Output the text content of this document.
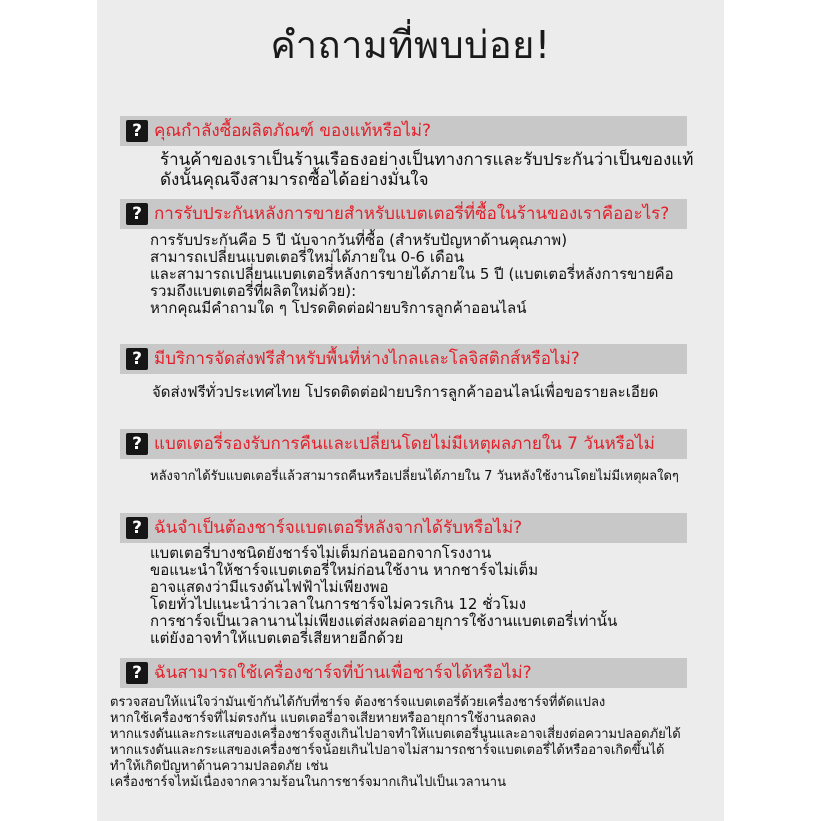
คำถามที่พบบ่อย!
? คุณกำลังซื้อผลิตภัณฑ์ ของแท้หรือไม่?
ร้านค้าของเราเป็นร้านเรือธงอย่างเป็นทางการและรับประกันว่าเป็นของแท้
ดังนั้นคุณจึงสามารถซื้อได้อย่างมั่นใจ
? การรับประกันหลังการขายสำหรับแบตเตอรี่ที่ซื้อในร้านของเราคืออะไร?
การรับประกันคือ 5 ปี นับจากวันที่ซื้อ (สำหรับปัญหาด้านคุณภาพ)
สามารถเปลี่ยนแบตเตอรี่ใหม่ได้ภายใน 0-6 เดือน
และสามารถเปลี่ยนแบตเตอรี่หลังการขายได้ภายใน 5 ปี (แบตเตอรี่หลังการขายคือ
รวมถึงแบตเตอรี่ที่ผลิตใหม่ด้วย):
หากคุณมีคำถามใด ๆ โปรดติดต่อฝ่ายบริการลูกค้าออนไลน์
? มีบริการจัดส่งฟรีสำหรับพื้นที่ห่างไกลและโลจิสติกส์หรือไม่?
จัดส่งฟรีทั่วประเทศไทย โปรดติดต่อฝ่ายบริการลูกค้าออนไลน์เพื่อขอรายละเอียด
? แบตเตอรี่รองรับการคืนและเปลี่ยนโดยไม่มีเหตุผลภายใน 7 วันหรือไม่
หลังจากได้รับแบตเตอรี่แล้วสามารถคืนหรือเปลี่ยนได้ภายใน 7 วันหลังใช้งานโดยไม่มีเหตุผลใดๆ
? ฉันจำเป็นต้องชาร์จแบตเตอรี่หลังจากได้รับหรือไม่?
แบตเตอรี่บางชนิดยังชาร์จไม่เต็มก่อนออกจากโรงงาน
ขอแนะนำให้ชาร์จแบตเตอรี่ใหม่ก่อนใช้งาน หากชาร์จไม่เต็ม
อาจแสดงว่ามีแรงดันไฟฟ้าไม่เพียงพอ
โดยทั่วไปแนะนำว่าเวลาในการชาร์จไม่ควรเกิน 12 ชั่วโมง
การชาร์จเป็นเวลานานไม่เพียงแต่ส่งผลต่ออายุการใช้งานแบตเตอรี่เท่านั้น
แต่ยังอาจทำให้แบตเตอรี่เสียหายอีกด้วย
? ฉันสามารถใช้เครื่องชาร์จที่บ้านเพื่อชาร์จได้หรือไม่?
ตรวจสอบให้แน่ใจว่ามันเข้ากันได้กับที่ชาร์จ ต้องชาร์จแบตเตอรี่ด้วยเครื่องชาร์จที่ดัดแปลง
หากใช้เครื่องชาร์จที่ไม่ตรงกัน แบตเตอรี่อาจเสียหายหรืออายุการใช้งานลดลง
หากแรงดันและกระแสของเครื่องชาร์จสูงเกินไปอาจทำให้แบตเตอรี่นูนและอาจเสี่ยงต่อความปลอดภัยได้
หากแรงดันและกระแสของเครื่องชาร์จน้อยเกินไปอาจไม่สามารถชาร์จแบตเตอรี่ได้หรืออาจเกิดขึ้นได้
ทำให้เกิดปัญหาด้านความปลอดภัย เช่น
เครื่องชาร์จไหม้เนื่องจากความร้อนในการชาร์จมากเกินไปเป็นเวลานาน
